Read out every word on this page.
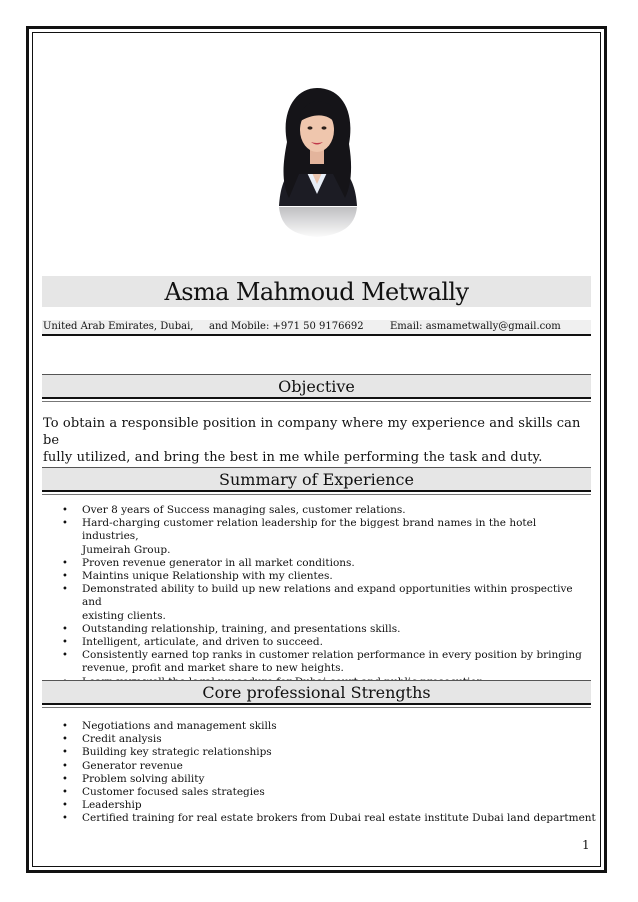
Asma Mahmoud Metwally
United Arab Emirates, Dubai, and Mobile: +971 50 9176692	Email: asmametwally@gmail.com
Objective
To obtain a responsible position in company where my experience and skills can be
fully utilized, and bring the best in me while performing the task and duty.
Summary of Experience
• Over 8 years of Success managing sales, customer relations.
• Hard-charging customer relation leadership for the biggest brand names in the hotel industries,
Jumeirah Group.
• Proven revenue generator in all market conditions.
• Maintins unique Relationship with my clientes.
• Demonstrated ability to build up new relations and expand opportunities within prospective and
existing clients.
• Outstanding relationship, training, and presentations skills.
• Intelligent, articulate, and driven to succeed.
• Consistently earned top ranks in customer relation performance in every position by bringing
revenue, profit and market share to new heights.
•
Core professional Strengths
• Negotiations and management skills
• Credit analysis
• Building key strategic relationships
• Generator revenue
• Problem solving ability
• Customer focused sales strategies
• Leadership
• Certified training for real estate brokers from Dubai real estate institute Dubai land department
1
